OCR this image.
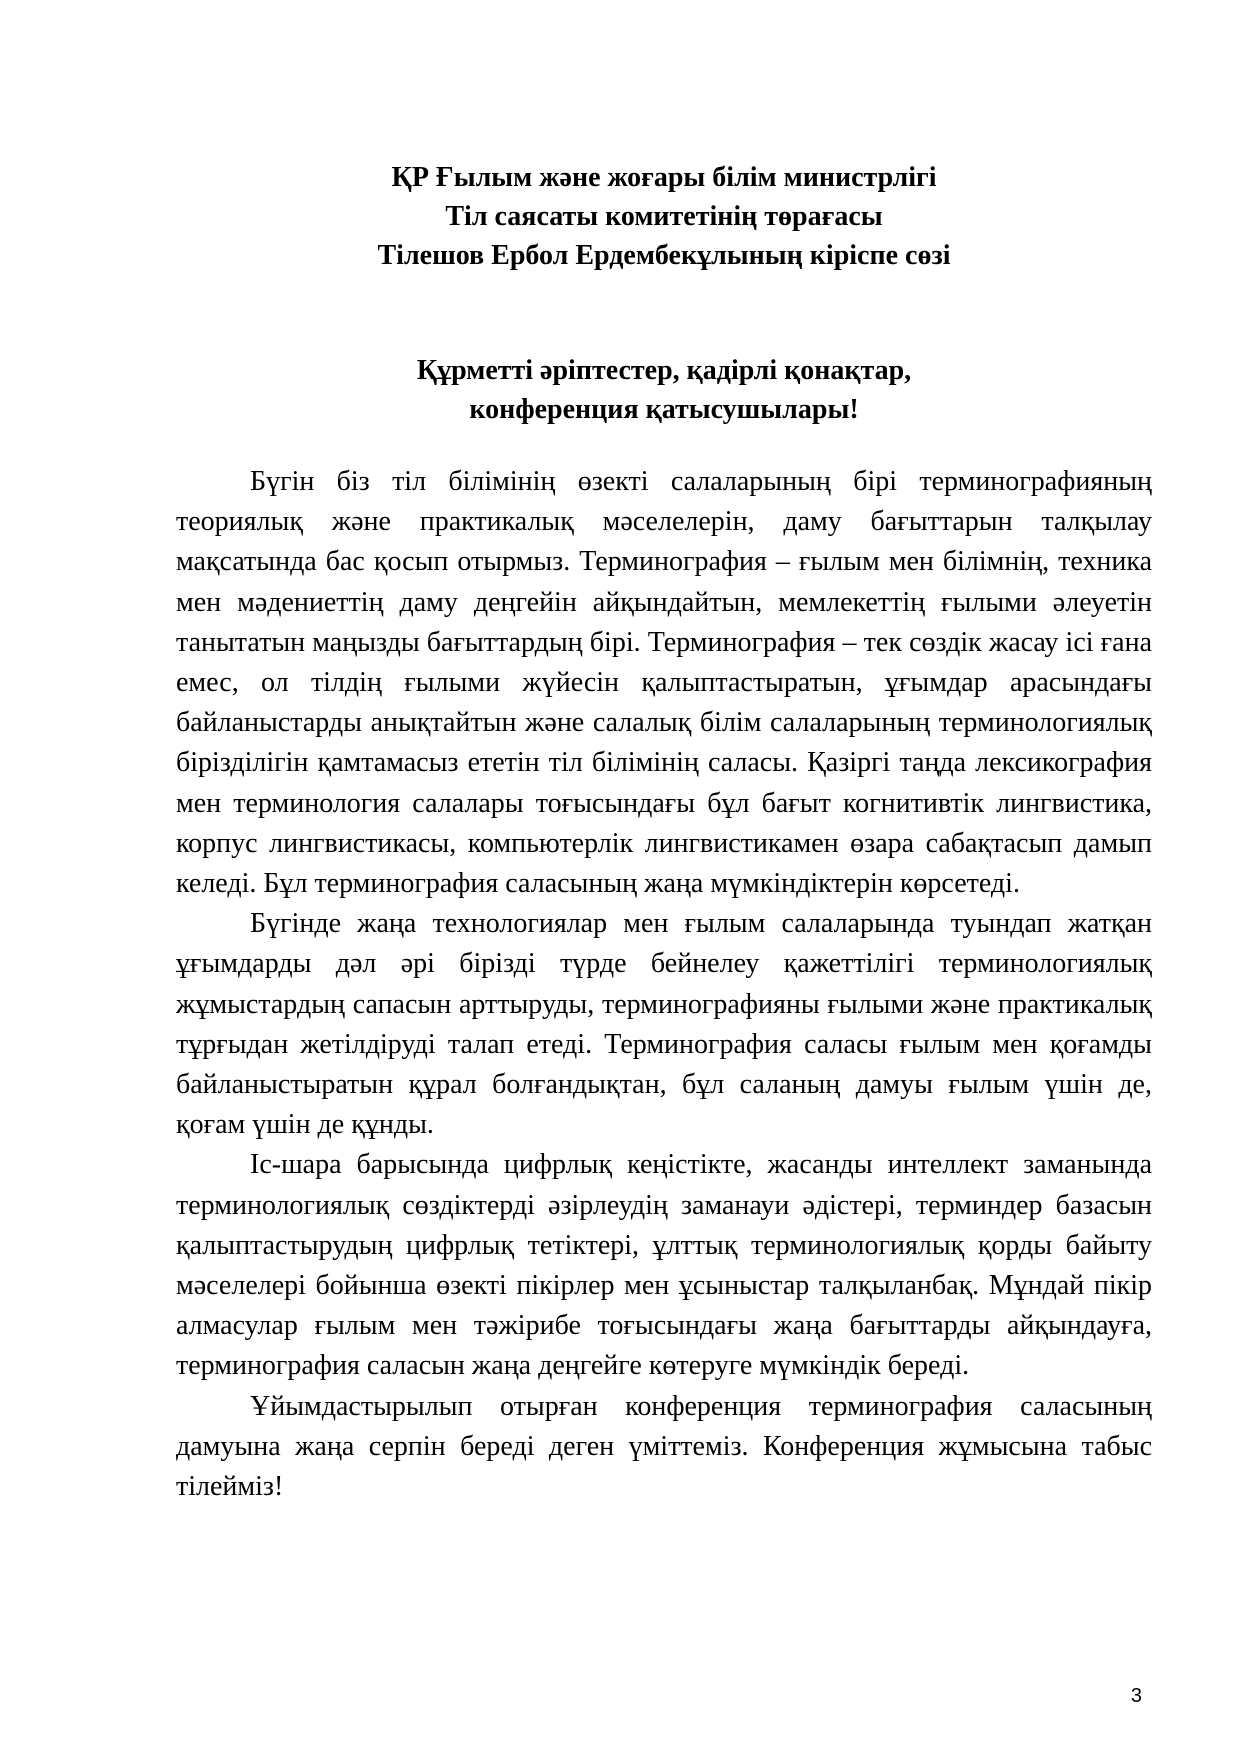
ҚР Ғылым және жоғары білім министрлігі
Тіл саясаты комитетінің төрағасы
Тілешов Ербол Ердембекұлының кіріспе сөзі
Құрметті әріптестер, қадірлі қонақтар,
конференция қатысушылары!

Бүгін біз тіл білімінің өзекті салаларының бірі терминографияның теориялық және практикалық мәселелерін, даму бағыттарын талқылау мақсатында бас қосып отырмыз. Терминография – ғылым мен білімнің, техника мен мәдениеттің даму деңгейін айқындайтын, мемлекеттің ғылыми әлеуетін танытатын маңызды бағыттардың бірі. Терминография – тек сөздік жасау ісі ғана емес, ол тілдің ғылыми жүйесін қалыптастыратын, ұғымдар арасындағы байланыстарды анықтайтын және салалық білім салаларының терминологиялық біріздiлігін қамтамасыз ететін тіл білімінің саласы. Қазіргі таңда лексикография мен терминология салалары тоғысындағы бұл бағыт когнитивтік лингвистика, корпус лингвистикасы, компьютерлік лингвистикамен өзара сабақтасып дамып келеді. Бұл терминография саласының жаңа мүмкіндіктерін көрсетеді.

Бүгінде жаңа технологиялар мен ғылым салаларында туындап жатқан ұғымдарды дәл әрі бірізді түрде бейнелеу қажеттілігі терминологиялық жұмыстардың сапасын арттыруды, терминографияны ғылыми және практикалық тұрғыдан жетілдіруді талап етеді. Терминография саласы ғылым мен қоғамды байланыстыратын құрал болғандықтан, бұл саланың дамуы ғылым үшін де, қоғам үшін де құнды.

Іс-шара барысында цифрлық кеңістікте, жасанды интеллект заманында терминологиялық сөздіктерді әзірлеудің заманауи әдістері, терминдер базасын қалыптастырудың цифрлық тетіктері, ұлттық терминологиялық қорды байыту мәселелері бойынша өзекті пікірлер мен ұсыныстар талқыланбақ. Мұндай пікір алмасулар ғылым мен тәжірибе тоғысындағы жаңа бағыттарды айқындауға, терминография саласын жаңа деңгейге көтеруге мүмкіндік береді.

Ұйымдастырылып отырған конференция терминография саласының дамуына жаңа серпін береді деген үміттеміз. Конференция жұмысына табыс тілейміз!

3
